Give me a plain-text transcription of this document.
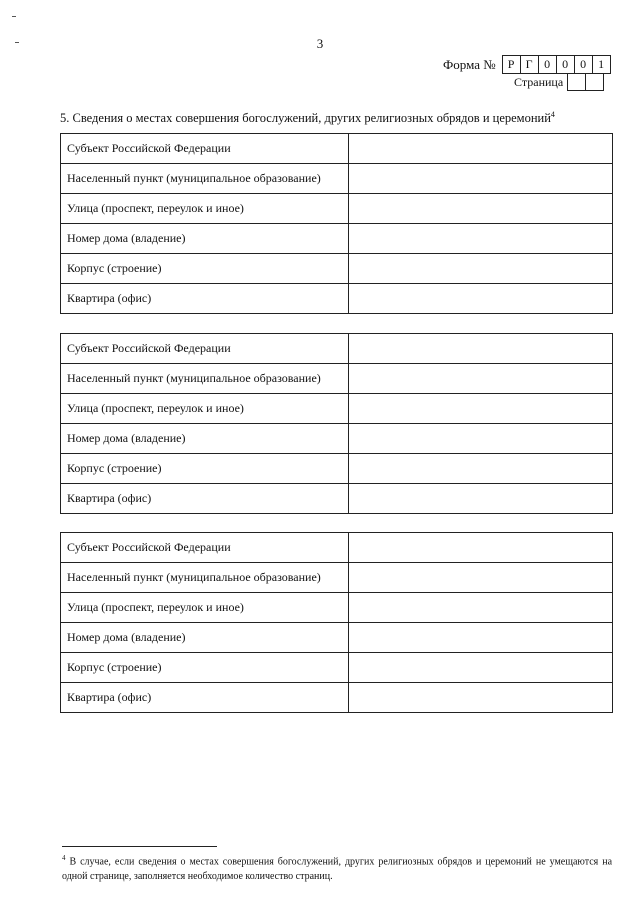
3
Форма №	Р Г 0	0	0	1
Страница
5. Сведения о местах совершения богослужений, других религиозных обрядов и церемоний$^4$
Субъект Российской Федерации	
Населенный пункт (муниципальное образование)	
Улица (проспект, переулок и иное)	
Номер дома (владение)	
Корпус (строение)	
Квартира (офис)	
Субъект Российской Федерации	
Населенный пункт (муниципальное образование)	
Улица (проспект, переулок и иное)	
Номер дома (владение)	
Корпус (строение)	
Квартира (офис)	
Субъект Российской Федерации	
Населенный пункт (муниципальное образование)	
Улица (проспект, переулок и иное)	
Номер дома (владение)	
Корпус (строение)	
Квартира (офис)	
$^4$ В случае, если сведения о местах совершения богослужений, других религиозных обрядов и церемоний не умещаются на одной странице, заполняется необходимое количество страниц.
